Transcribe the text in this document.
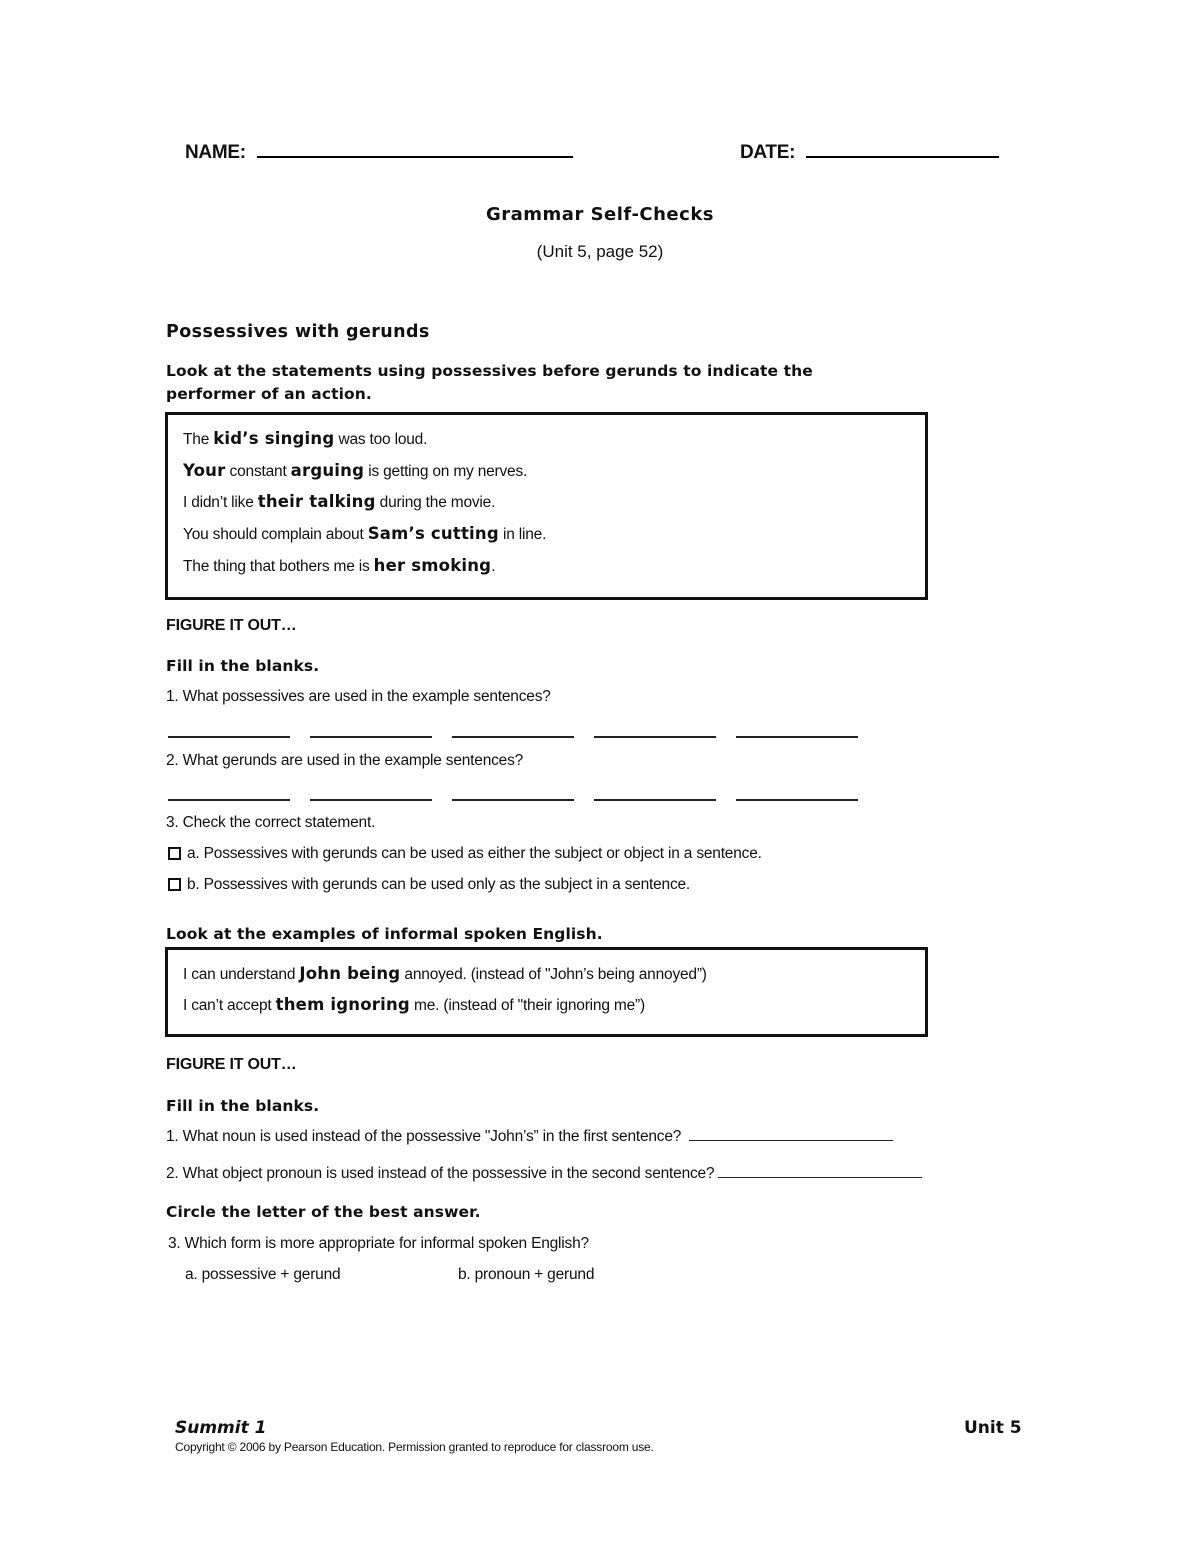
NAME:	DATE:
Grammar Self-Checks
(Unit 5, page 52)
Possessives with gerunds
Look at the statements using possessives before gerunds to indicate the performer of an action.
The kid’s singing was too loud.
Your constant arguing is getting on my nerves.
I didn’t like their talking during the movie.
You should complain about Sam’s cutting in line.
The thing that bothers me is her smoking.
FIGURE IT OUT…
Fill in the blanks.
1. What possessives are used in the example sentences?
2. What gerunds are used in the example sentences?
3. Check the correct statement.
a. Possessives with gerunds can be used as either the subject or object in a sentence.
b. Possessives with gerunds can be used only as the subject in a sentence.
Look at the examples of informal spoken English.
I can understand John being annoyed. (instead of "John’s being annoyed”)
I can’t accept them ignoring me. (instead of "their ignoring me”)
FIGURE IT OUT…
Fill in the blanks.
1. What noun is used instead of the possessive "John’s” in the first sentence?
2. What object pronoun is used instead of the possessive in the second sentence?
Circle the letter of the best answer.
3. Which form is more appropriate for informal spoken English?
a. possessive + gerund	b. pronoun + gerund
Summit 1	Unit 5
Copyright © 2006 by Pearson Education. Permission granted to reproduce for classroom use.
